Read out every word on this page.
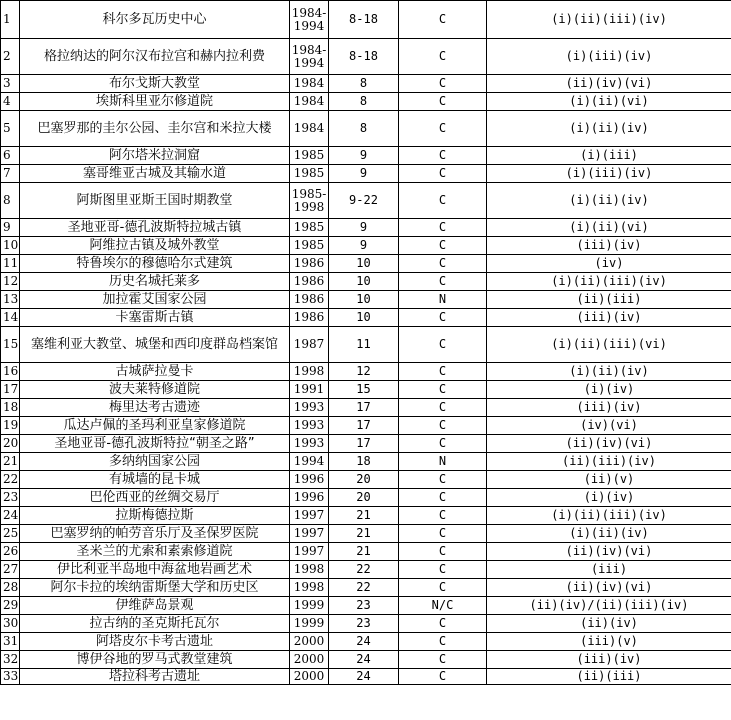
1	科尔多瓦历史中心	1984-1994	8-18	C	(i)(ii)(iii)(iv)
2	格拉纳达的阿尔汉布拉宫和赫内拉利费	1984-1994	8-18	C	(i)(iii)(iv)
3	布尔戈斯大教堂	1984	8	C	(ii)(iv)(vi)
4	埃斯科里亚尔修道院	1984	8	C	(i)(ii)(vi)
5	巴塞罗那的圭尔公园、圭尔宫和米拉大楼	1984	8	C	(i)(ii)(iv)
6	阿尔塔米拉洞窟	1985	9	C	(i)(iii)
7	塞哥维亚古城及其输水道	1985	9	C	(i)(iii)(iv)
8	阿斯图里亚斯王国时期教堂	1985-1998	9-22	C	(i)(ii)(iv)
9	圣地亚哥-德孔波斯特拉城古镇	1985	9	C	(i)(ii)(vi)
10	阿维拉古镇及城外教堂	1985	9	C	(iii)(iv)
11	特鲁埃尔的穆德哈尔式建筑	1986	10	C	(iv)
12	历史名城托莱多	1986	10	C	(i)(ii)(iii)(iv)
13	加拉霍艾国家公园	1986	10	N	(ii)(iii)
14	卡塞雷斯古镇	1986	10	C	(iii)(iv)
15	塞维利亚大教堂、城堡和西印度群岛档案馆	1987	11	C	(i)(ii)(iii)(vi)
16	古城萨拉曼卡	1998	12	C	(i)(ii)(iv)
17	波夫莱特修道院	1991	15	C	(i)(iv)
18	梅里达考古遗迹	1993	17	C	(iii)(iv)
19	瓜达卢佩的圣玛利亚皇家修道院	1993	17	C	(iv)(vi)
20	圣地亚哥-德孔波斯特拉“朝圣之路”	1993	17	C	(ii)(iv)(vi)
21	多纳纳国家公园	1994	18	N	(ii)(iii)(iv)
22	有城墙的昆卡城	1996	20	C	(ii)(v)
23	巴伦西亚的丝绸交易厅	1996	20	C	(i)(iv)
24	拉斯梅德拉斯	1997	21	C	(i)(ii)(iii)(iv)
25	巴塞罗纳的帕劳音乐厅及圣保罗医院	1997	21	C	(i)(ii)(iv)
26	圣米兰的尤索和素索修道院	1997	21	C	(ii)(iv)(vi)
27	伊比利亚半岛地中海盆地岩画艺术	1998	22	C	(iii)
28	阿尔卡拉的埃纳雷斯堡大学和历史区	1998	22	C	(ii)(iv)(vi)
29	伊维萨岛景观	1999	23	N/C	(ii)(iv)/(ii)(iii)(iv)
30	拉古纳的圣克斯托瓦尔	1999	23	C	(ii)(iv)
31	阿塔皮尔卡考古遗址	2000	24	C	(iii)(v)
32	博伊谷地的罗马式教堂建筑	2000	24	C	(iii)(iv)
33	塔拉科考古遗址	2000	24	C	(ii)(iii)
